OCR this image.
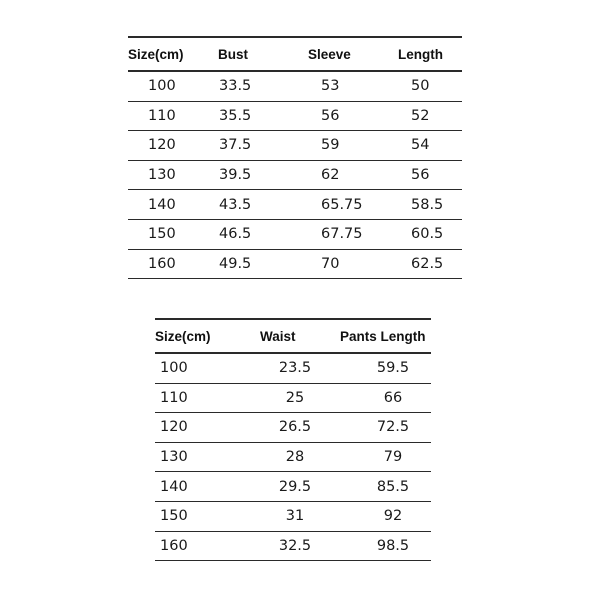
Size(cm)	Bust	Sleeve	Length
100	33.5	53	50
110	35.5	56	52
120	37.5	59	54
130	39.5	62	56
140	43.5	65.75	58.5
150	46.5	67.75	60.5
160	49.5	70	62.5
Size(cm)	Waist	Pants Length
100	23.5	59.5
110	25	66
120	26.5	72.5
130	28	79
140	29.5	85.5
150	31	92
160	32.5	98.5
